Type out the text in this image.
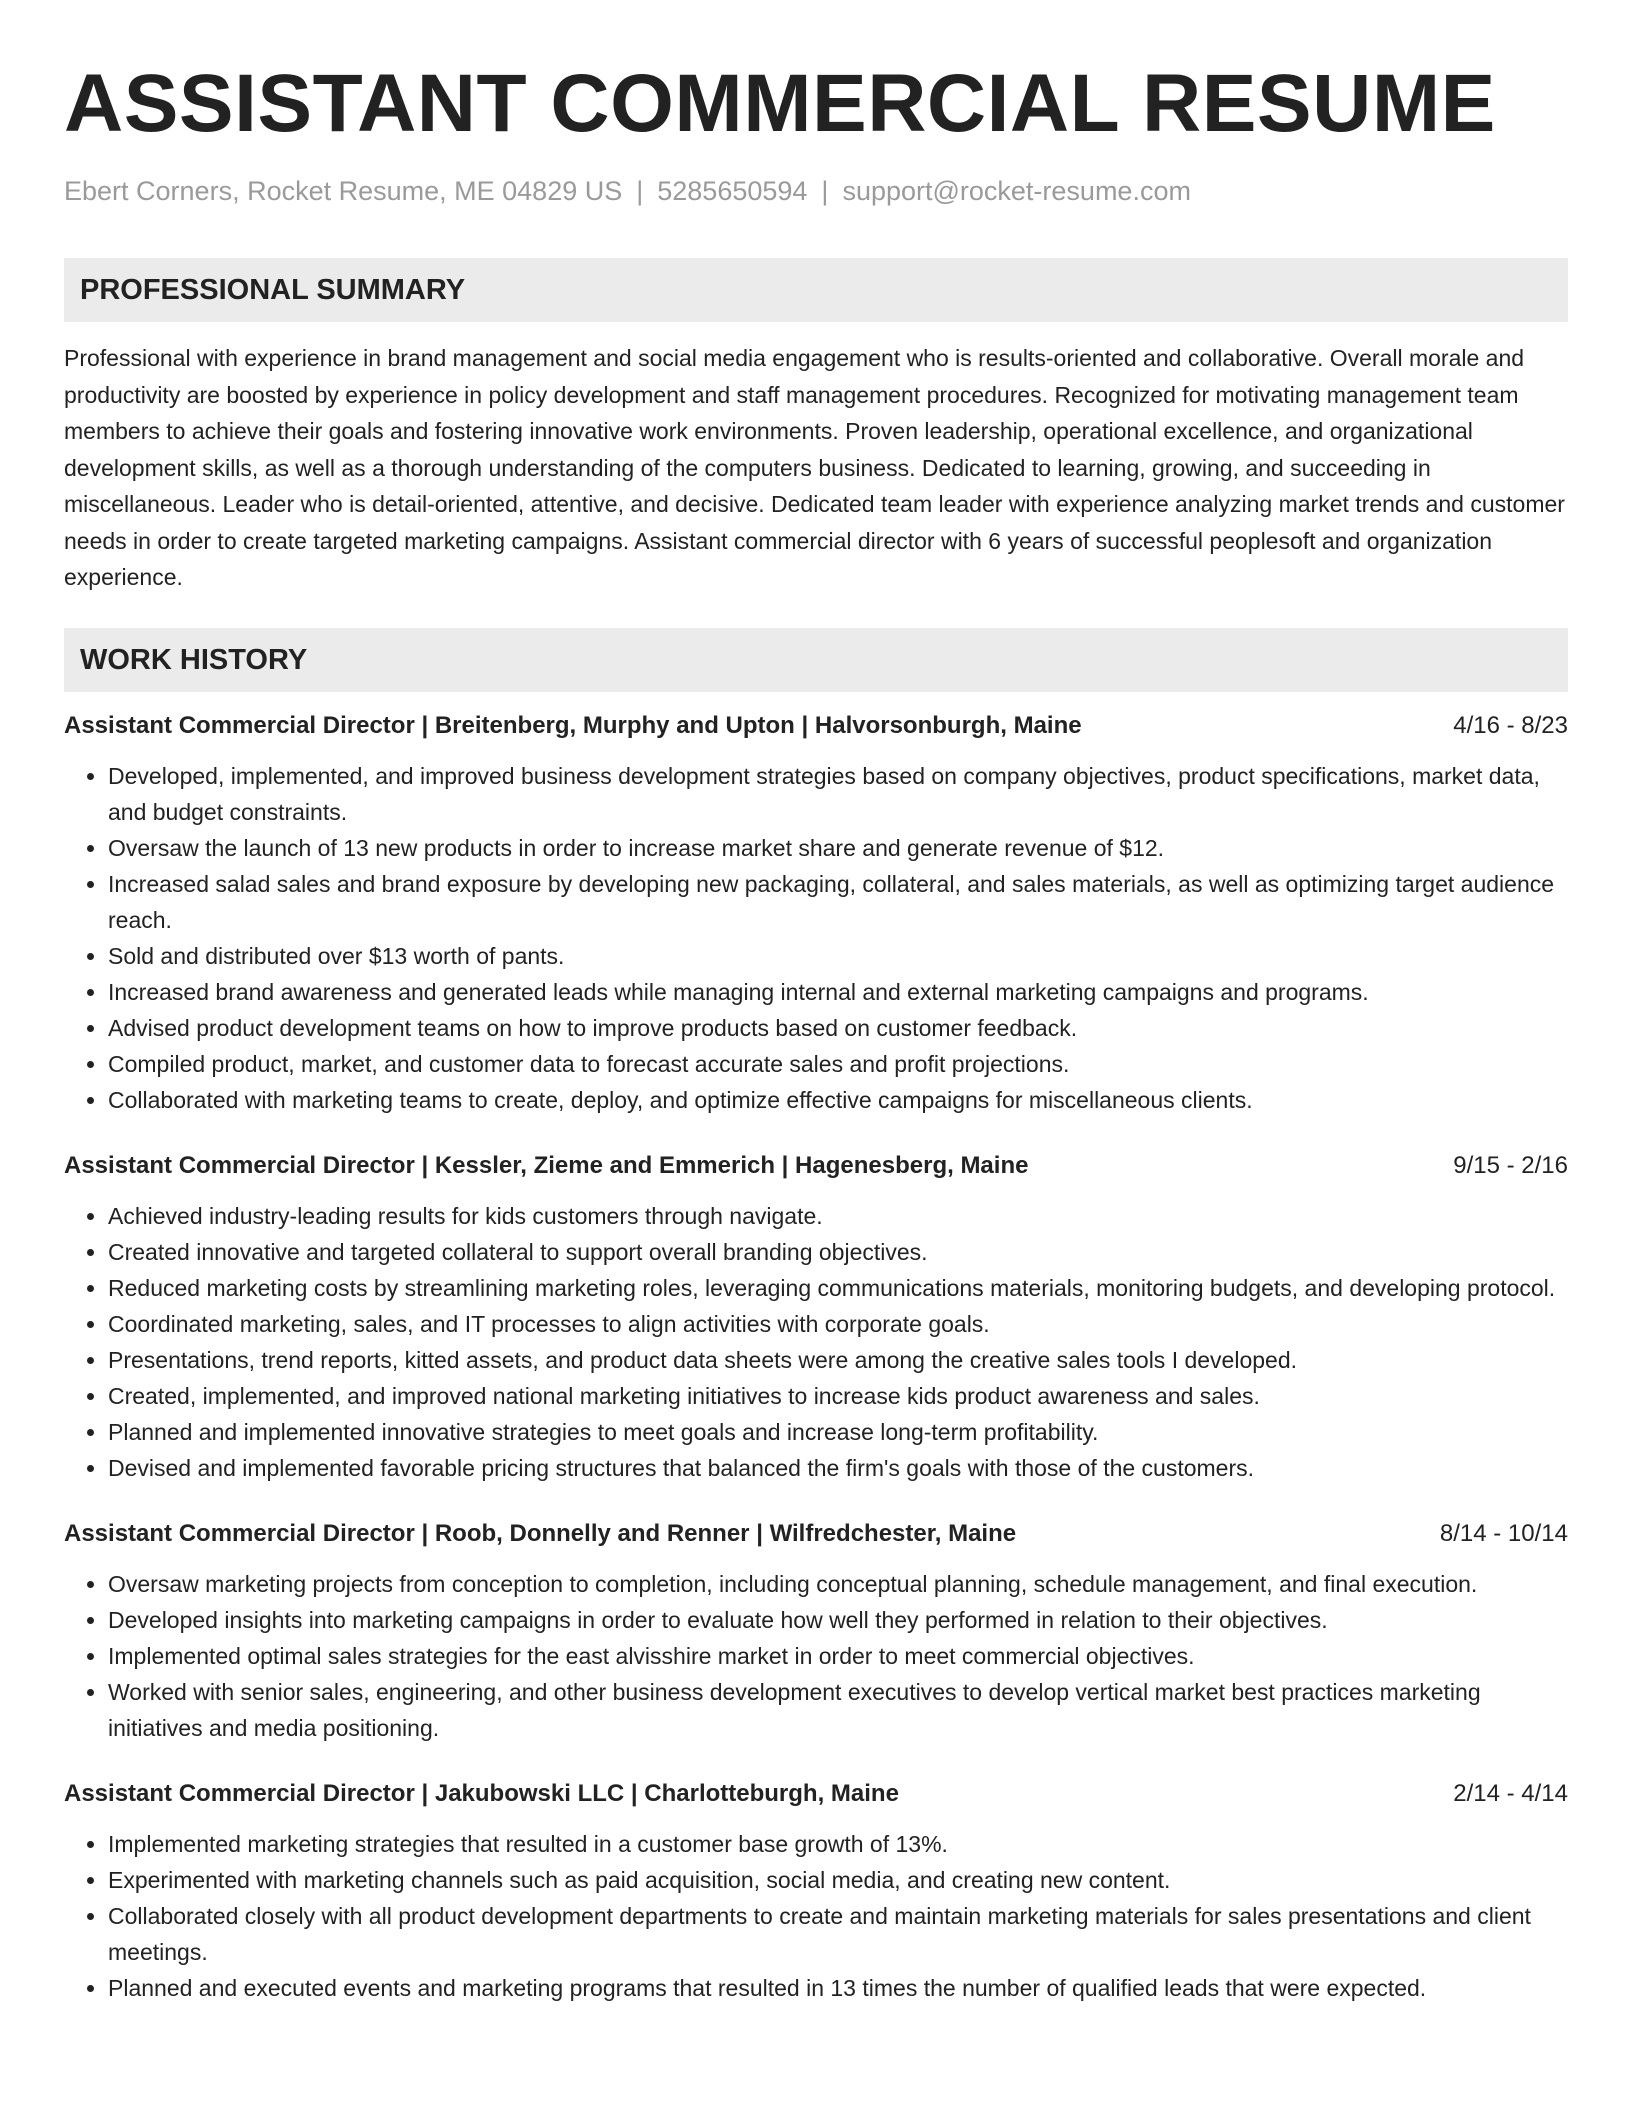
ASSISTANT COMMERCIAL RESUME
Ebert Corners, Rocket Resume, ME 04829 US | 5285650594 | support@rocket-resume.com
PROFESSIONAL SUMMARY

Professional with experience in brand management and social media engagement who is results-oriented and collaborative. Overall morale and productivity are boosted by experience in policy development and staff management procedures. Recognized for motivating management team members to achieve their goals and fostering innovative work environments. Proven leadership, operational excellence, and organizational development skills, as well as a thorough understanding of the computers business. Dedicated to learning, growing, and succeeding in miscellaneous. Leader who is detail-oriented, attentive, and decisive. Dedicated team leader with experience analyzing market trends and customer needs in order to create targeted marketing campaigns. Assistant commercial director with 6 years of successful peoplesoft and organization experience.

WORK HISTORY
Assistant Commercial Director | Breitenberg, Murphy and Upton | Halvorsonburgh, Maine	4/16 - 8/23
• Developed, implemented, and improved business development strategies based on company objectives, product specifications, market data, and budget constraints.
• Oversaw the launch of 13 new products in order to increase market share and generate revenue of $12.
• Increased salad sales and brand exposure by developing new packaging, collateral, and sales materials, as well as optimizing target audience reach.
• Sold and distributed over $13 worth of pants.
• Increased brand awareness and generated leads while managing internal and external marketing campaigns and programs.
• Advised product development teams on how to improve products based on customer feedback.
• Compiled product, market, and customer data to forecast accurate sales and profit projections.
• Collaborated with marketing teams to create, deploy, and optimize effective campaigns for miscellaneous clients.
Assistant Commercial Director | Kessler, Zieme and Emmerich | Hagenesberg, Maine	9/15 - 2/16
• Achieved industry-leading results for kids customers through navigate.
• Created innovative and targeted collateral to support overall branding objectives.
• Reduced marketing costs by streamlining marketing roles, leveraging communications materials, monitoring budgets, and developing protocol.
• Coordinated marketing, sales, and IT processes to align activities with corporate goals.
• Presentations, trend reports, kitted assets, and product data sheets were among the creative sales tools I developed.
• Created, implemented, and improved national marketing initiatives to increase kids product awareness and sales.
• Planned and implemented innovative strategies to meet goals and increase long-term profitability.
• Devised and implemented favorable pricing structures that balanced the firm's goals with those of the customers.
Assistant Commercial Director | Roob, Donnelly and Renner | Wilfredchester, Maine	8/14 - 10/14
• Oversaw marketing projects from conception to completion, including conceptual planning, schedule management, and final execution.
• Developed insights into marketing campaigns in order to evaluate how well they performed in relation to their objectives.
• Implemented optimal sales strategies for the east alvisshire market in order to meet commercial objectives.
• Worked with senior sales, engineering, and other business development executives to develop vertical market best practices marketing initiatives and media positioning.
Assistant Commercial Director | Jakubowski LLC | Charlotteburgh, Maine	2/14 - 4/14
• Implemented marketing strategies that resulted in a customer base growth of 13%.
• Experimented with marketing channels such as paid acquisition, social media, and creating new content.
• Collaborated closely with all product development departments to create and maintain marketing materials for sales presentations and client meetings.
• Planned and executed events and marketing programs that resulted in 13 times the number of qualified leads that were expected.
